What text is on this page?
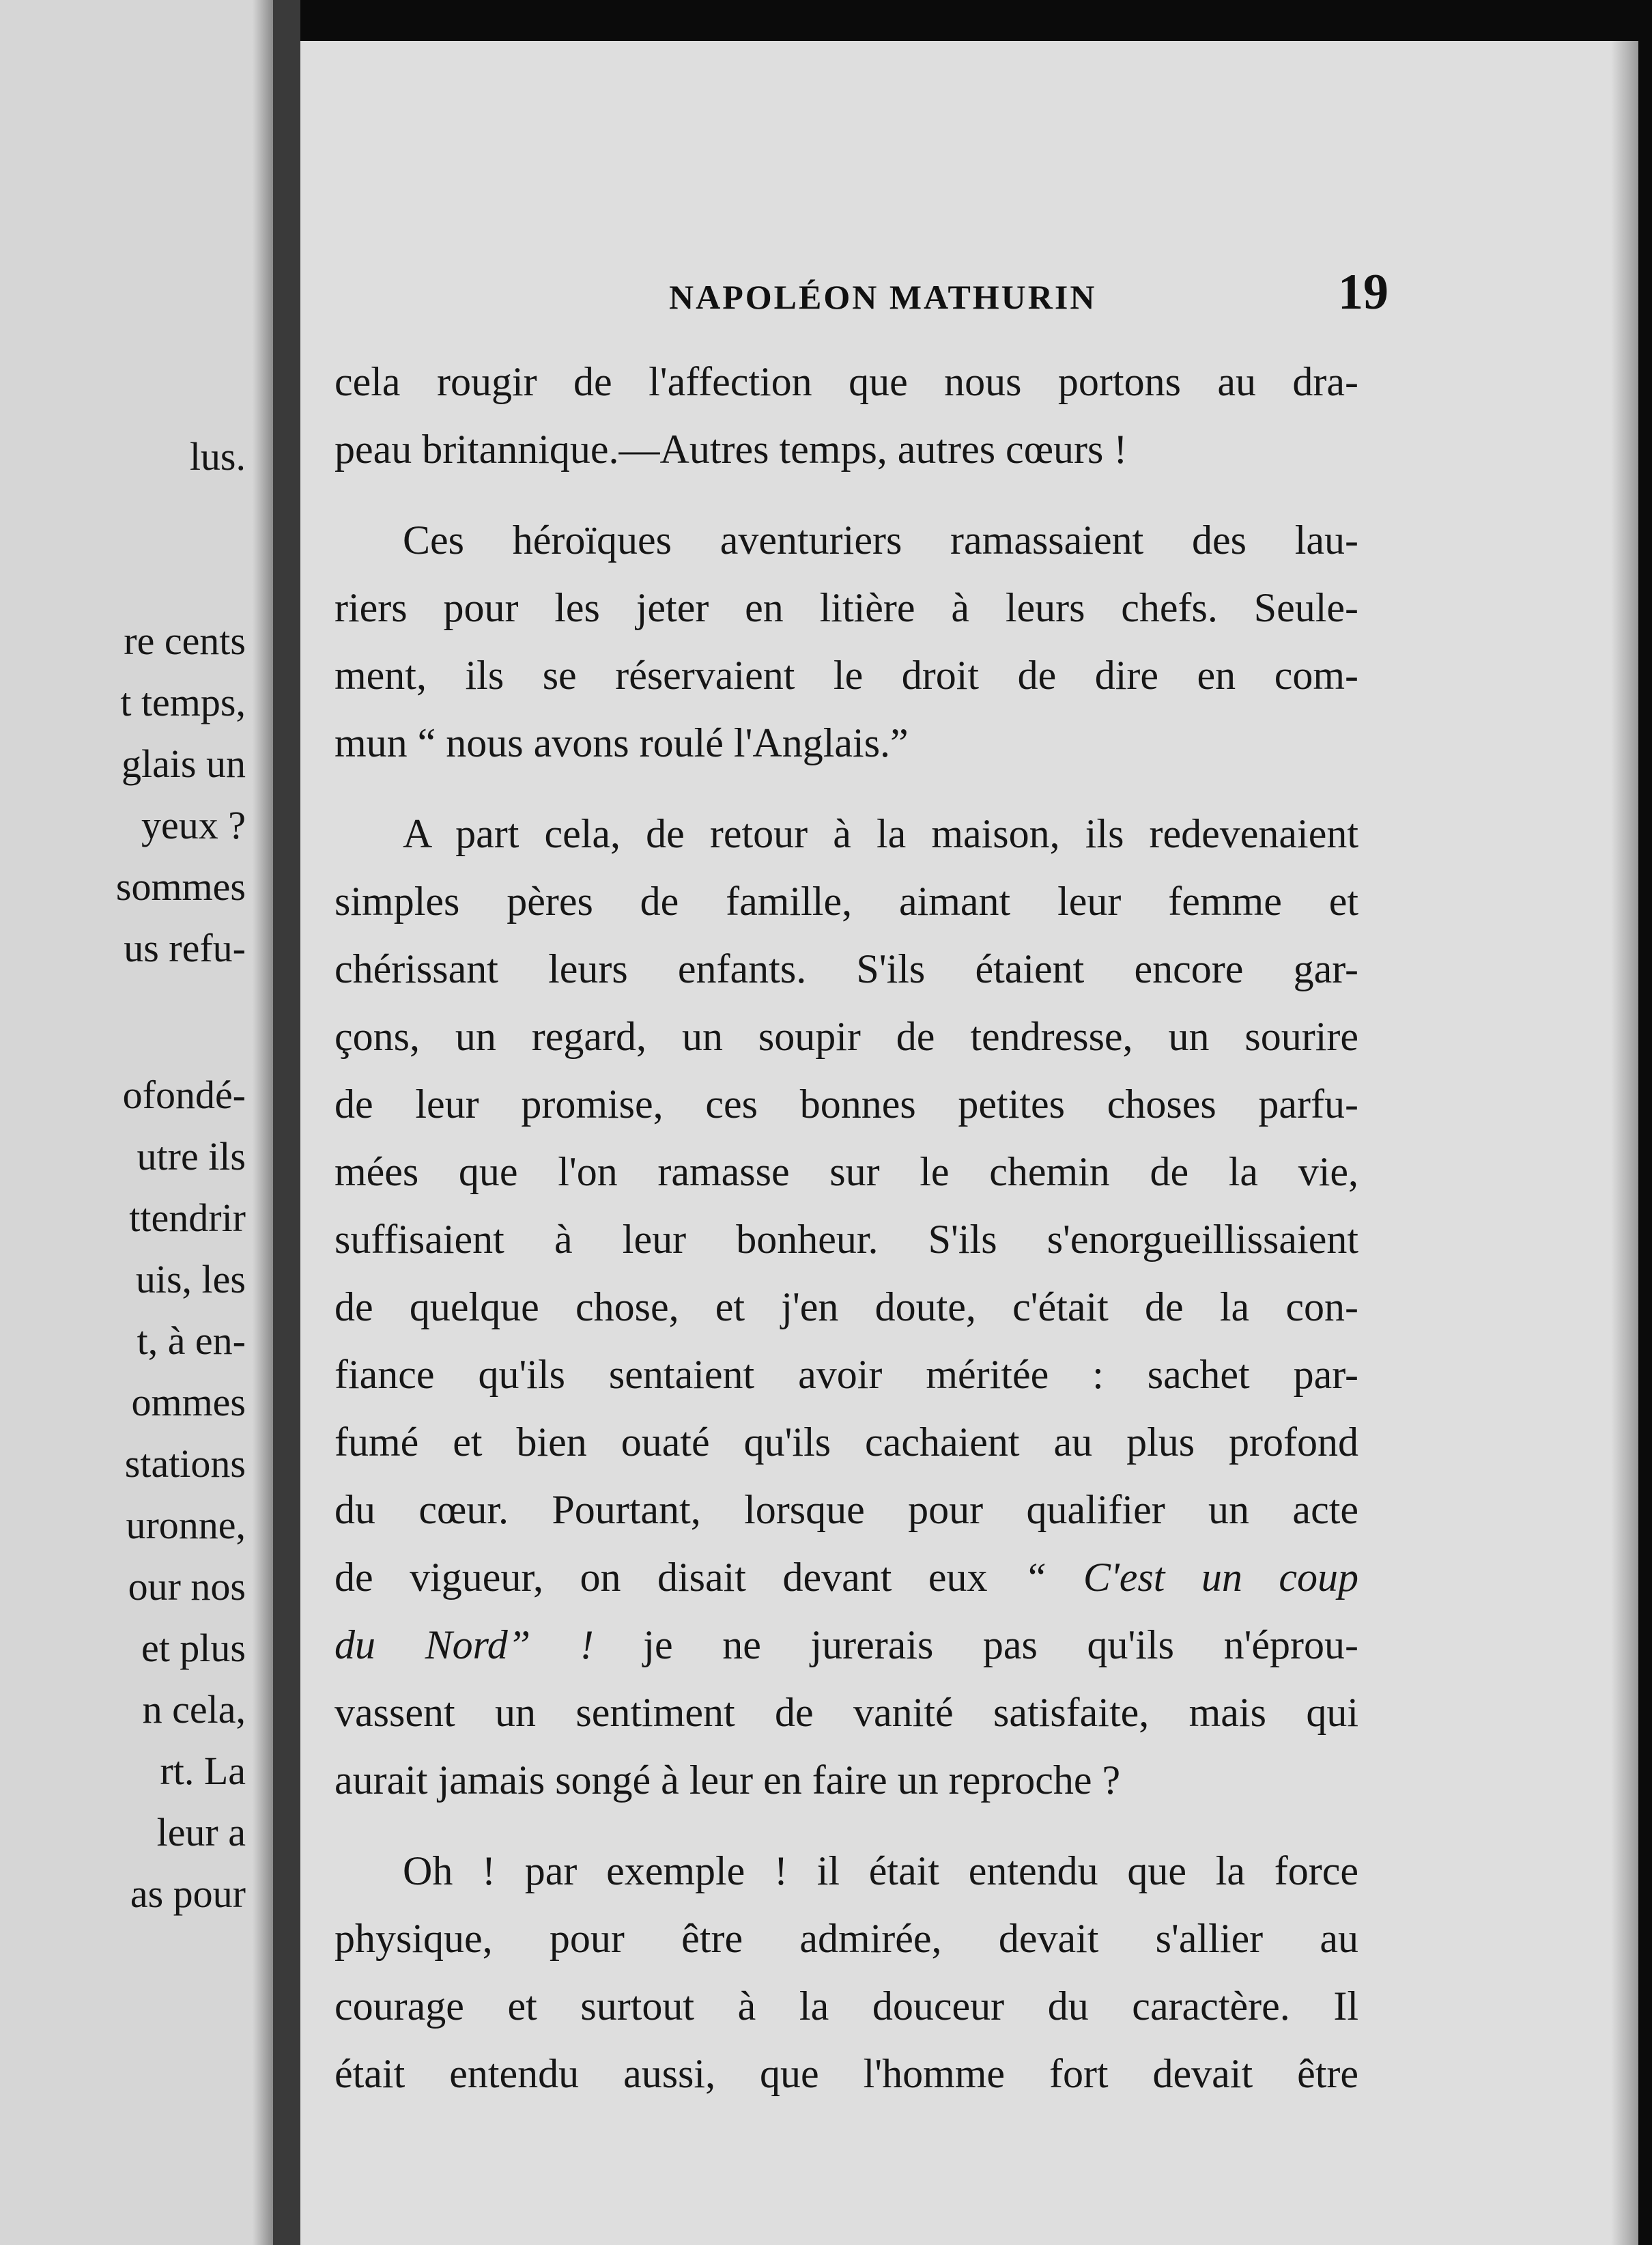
lus.
re cents
t temps,
glais un
yeux ?
sommes
us refu-
ofondé-
utre ils
ttendrir
uis, les
t, à en-
ommes
stations
uronne,
our nos
et plus
n cela,
rt. La
leur a
as pour
NAPOLÉON MATHURIN	19

cela rougir de l'affection que nous portons au dra-
peau britannique.—Autres temps, autres cœurs !

Ces héroïques aventuriers ramassaient des lau-
riers pour les jeter en litière à leurs chefs. Seule-
ment, ils se réservaient le droit de dire en com-
mun “ nous avons roulé l'Anglais.”

A part cela, de retour à la maison, ils redevenaient
simples pères de famille, aimant leur femme et
chérissant leurs enfants. S'ils étaient encore gar-
çons, un regard, un soupir de tendresse, un sourire
de leur promise, ces bonnes petites choses parfu-
mées que l'on ramasse sur le chemin de la vie,
suffisaient à leur bonheur. S'ils s'enorgueillissaient
de quelque chose, et j'en doute, c'était de la con-
fiance qu'ils sentaient avoir méritée : sachet par-
fumé et bien ouaté qu'ils cachaient au plus profond
du cœur. Pourtant, lorsque pour qualifier un acte
de vigueur, on disait devant eux “ C'est un coup
du Nord” ! je ne jurerais pas qu'ils n'éprou-
vassent un sentiment de vanité satisfaite, mais qui
aurait jamais songé à leur en faire un reproche ?

Oh ! par exemple ! il était entendu que la force
physique, pour être admirée, devait s'allier au
courage et surtout à la douceur du caractère. Il
était entendu aussi, que l'homme fort devait être
